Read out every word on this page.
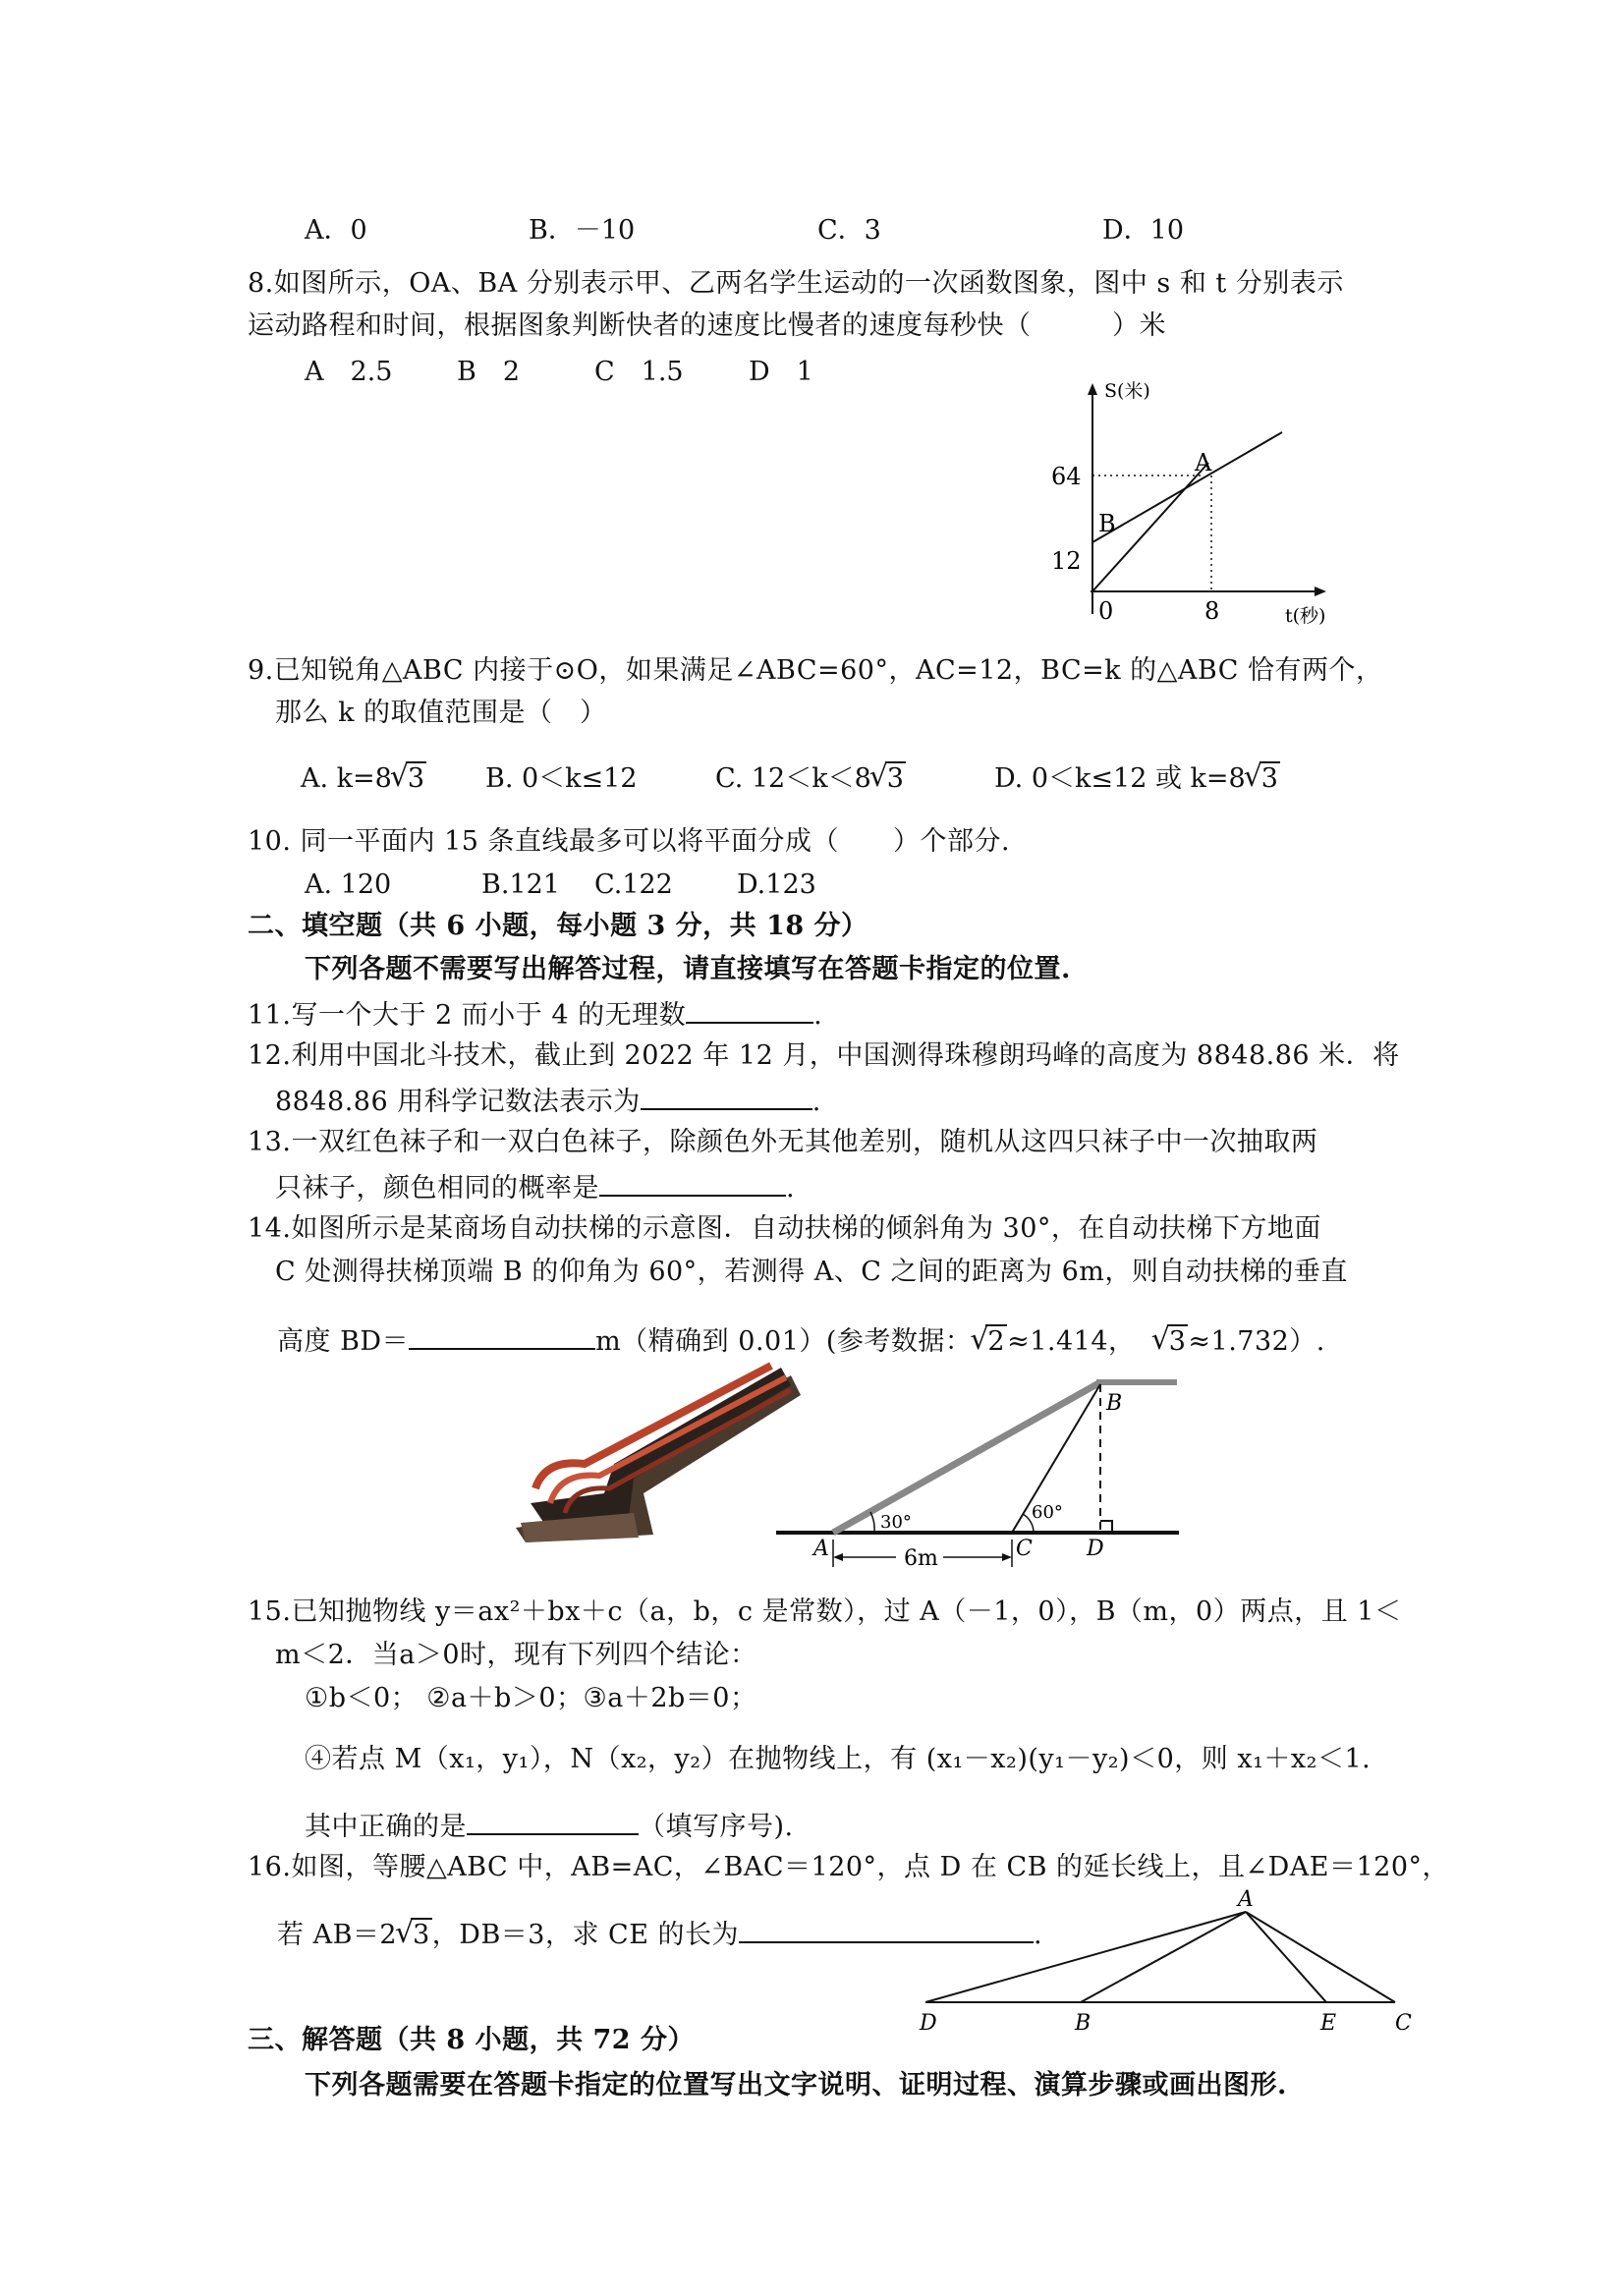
A．0	B．－10	C．3	D．10
8.如图所示，OA、BA 分别表示甲、乙两名学生运动的一次函数图象，图中 s 和 t 分别表示
运动路程和时间，根据图象判断快者的速度比慢者的速度每秒快（　　　）米
A　2.5 B　2	C　1.5 D　1
S(米)
t(秒)
0
64
12
8
A
B
9.已知锐角△ABC 内接于⊙O，如果满足∠ABC=60°，AC=12，BC=k 的△ABC 恰有两个，
那么 k 的取值范围是（　）
A. k=8 √ 3 B. 0＜k≤12	C. 12＜k＜8 √ 3	D. 0＜k≤12 或 k=8 √ 3
10. 同一平面内 15 条直线最多可以将平面分成（　　）个部分.
A. 120	B.121 C.122 D.123
二、填空题（共 6 小题，每小题 3 分，共 18 分）
下列各题不需要写出解答过程，请直接填写在答题卡指定的位置.
11.写一个大于 2 而小于 4 的无理数	.
12.利用中国北斗技术，截止到 2022 年 12 月，中国测得珠穆朗玛峰的高度为 8848.86 米．将
8848.86 用科学记数法表示为	.
13.一双红色袜子和一双白色袜子，除颜色外无其他差别，随机从这四只袜子中一次抽取两
只袜子，颜色相同的概率是	.
14.如图所示是某商场自动扶梯的示意图．自动扶梯的倾斜角为 30°，在自动扶梯下方地面
C 处测得扶梯顶端 B 的仰角为 60°，若测得 A、C 之间的距离为 6m，则自动扶梯的垂直
高度 BD＝	m（精确到 0.01）(参考数据： √ 2≈1.414， √ 3≈1.732）.
A
B
C	D
30°	60°
6m
15.已知抛物线 y＝ax²＋bx＋c（a，b，c 是常数），过 A（－1，0），B（m，0）两点，且 1＜
m＜2．当a＞0时，现有下列四个结论：
①b＜0； ②a＋b＞0；③a＋2b＝0；
④若点 M（x₁，y₁），N（x₂，y₂）在抛物线上，有 (x₁－x₂)(y₁－y₂)＜0，则 x₁＋x₂＜1.
其中正确的是	（填写序号).
16.如图，等腰△ABC 中，AB=AC，∠BAC＝120°，点 D 在 CB 的延长线上，且∠DAE＝120°，
若 AB＝2 √ 3，DB＝3，求 CE 的长为	.
A
B
D	E	C
三、解答题（共 8 小题，共 72 分）
下列各题需要在答题卡指定的位置写出文字说明、证明过程、演算步骤或画出图形.
